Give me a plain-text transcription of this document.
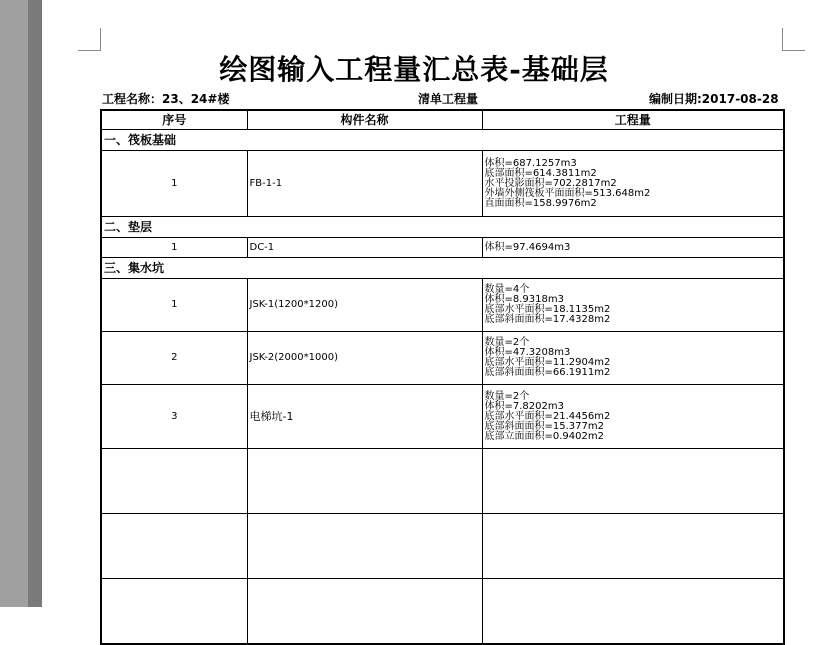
绘图输入工程量汇总表-基础层
工程名称：23、24#楼	清单工程量	编制日期:2017-08-28
序号	构件名称	工程量
一、筏板基础		
1	FB-1-1	体积=687.1257m3
底部面积=614.3811m2
水平投影面积=702.2817m2
外墙外侧筏板平面面积=513.648m2
直面面积=158.9976m2

二、垫层		
1	DC-1	体积=97.4694m3

三、集水坑		
1	JSK-1(1200*1200)	数量=4个
体积=8.9318m3
底部水平面积=18.1135m2
底部斜面面积=17.4328m2

2	JSK-2(2000*1000)	数量=2个
体积=47.3208m3
底部水平面积=11.2904m2
底部斜面面积=66.1911m2

3	电梯坑-1	数量=2个
体积=7.8202m3
底部水平面积=21.4456m2
底部斜面面积=15.377m2
底部立面面积=0.9402m2
